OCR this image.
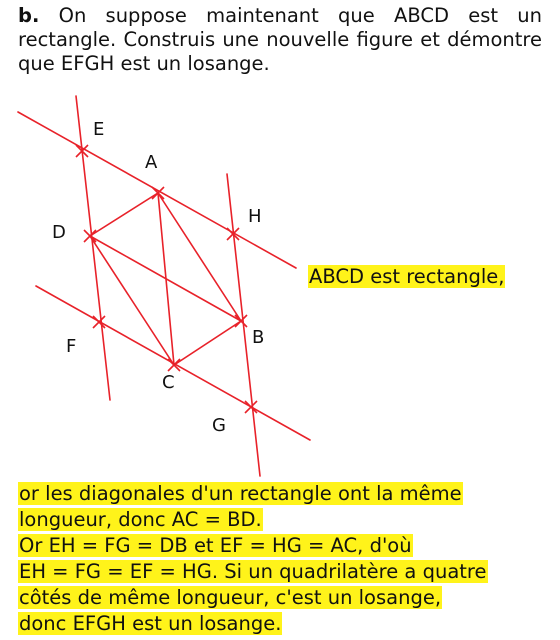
b. On suppose maintenant que ABCD est un rectangle. Construis une nouvelle figure et démontre que EFGH est un losange.

E
A
H
D
B
F
C
G

ABCD est rectangle,

or les diagonales d'un rectangle ont la même
longueur, donc AC = BD.
Or EH = FG = DB et EF = HG = AC, d'où
EH = FG = EF = HG. Si un quadrilatère a quatre
côtés de même longueur, c'est un losange,
donc EFGH est un losange.
